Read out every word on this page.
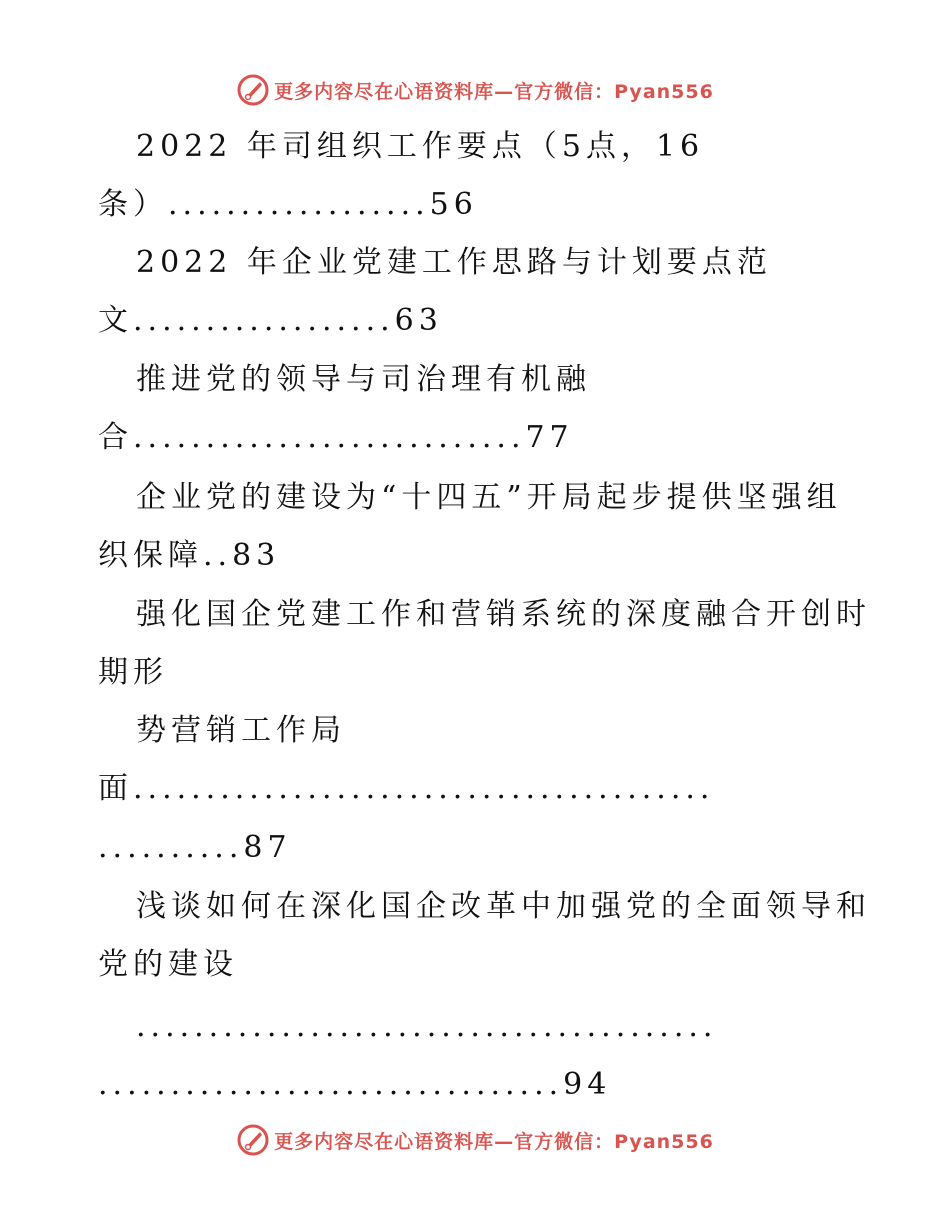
更多内容尽在心语资料库—官方微信：Pyan556
2022 年司组织工作要点（5点，16
条）..................56
2022 年企业党建工作思路与计划要点范
文..................63
推进党的领导与司治理有机融
合...........................77
企业党的建设为“十四五”开局起步提供坚强组
织保障..83
强化国企党建工作和营销系统的深度融合开创时
期形
势营销工作局
面........................................
..........87
浅谈如何在深化国企改革中加强党的全面领导和
党的建设
........................................
................................94
更多内容尽在心语资料库—官方微信：Pyan556
